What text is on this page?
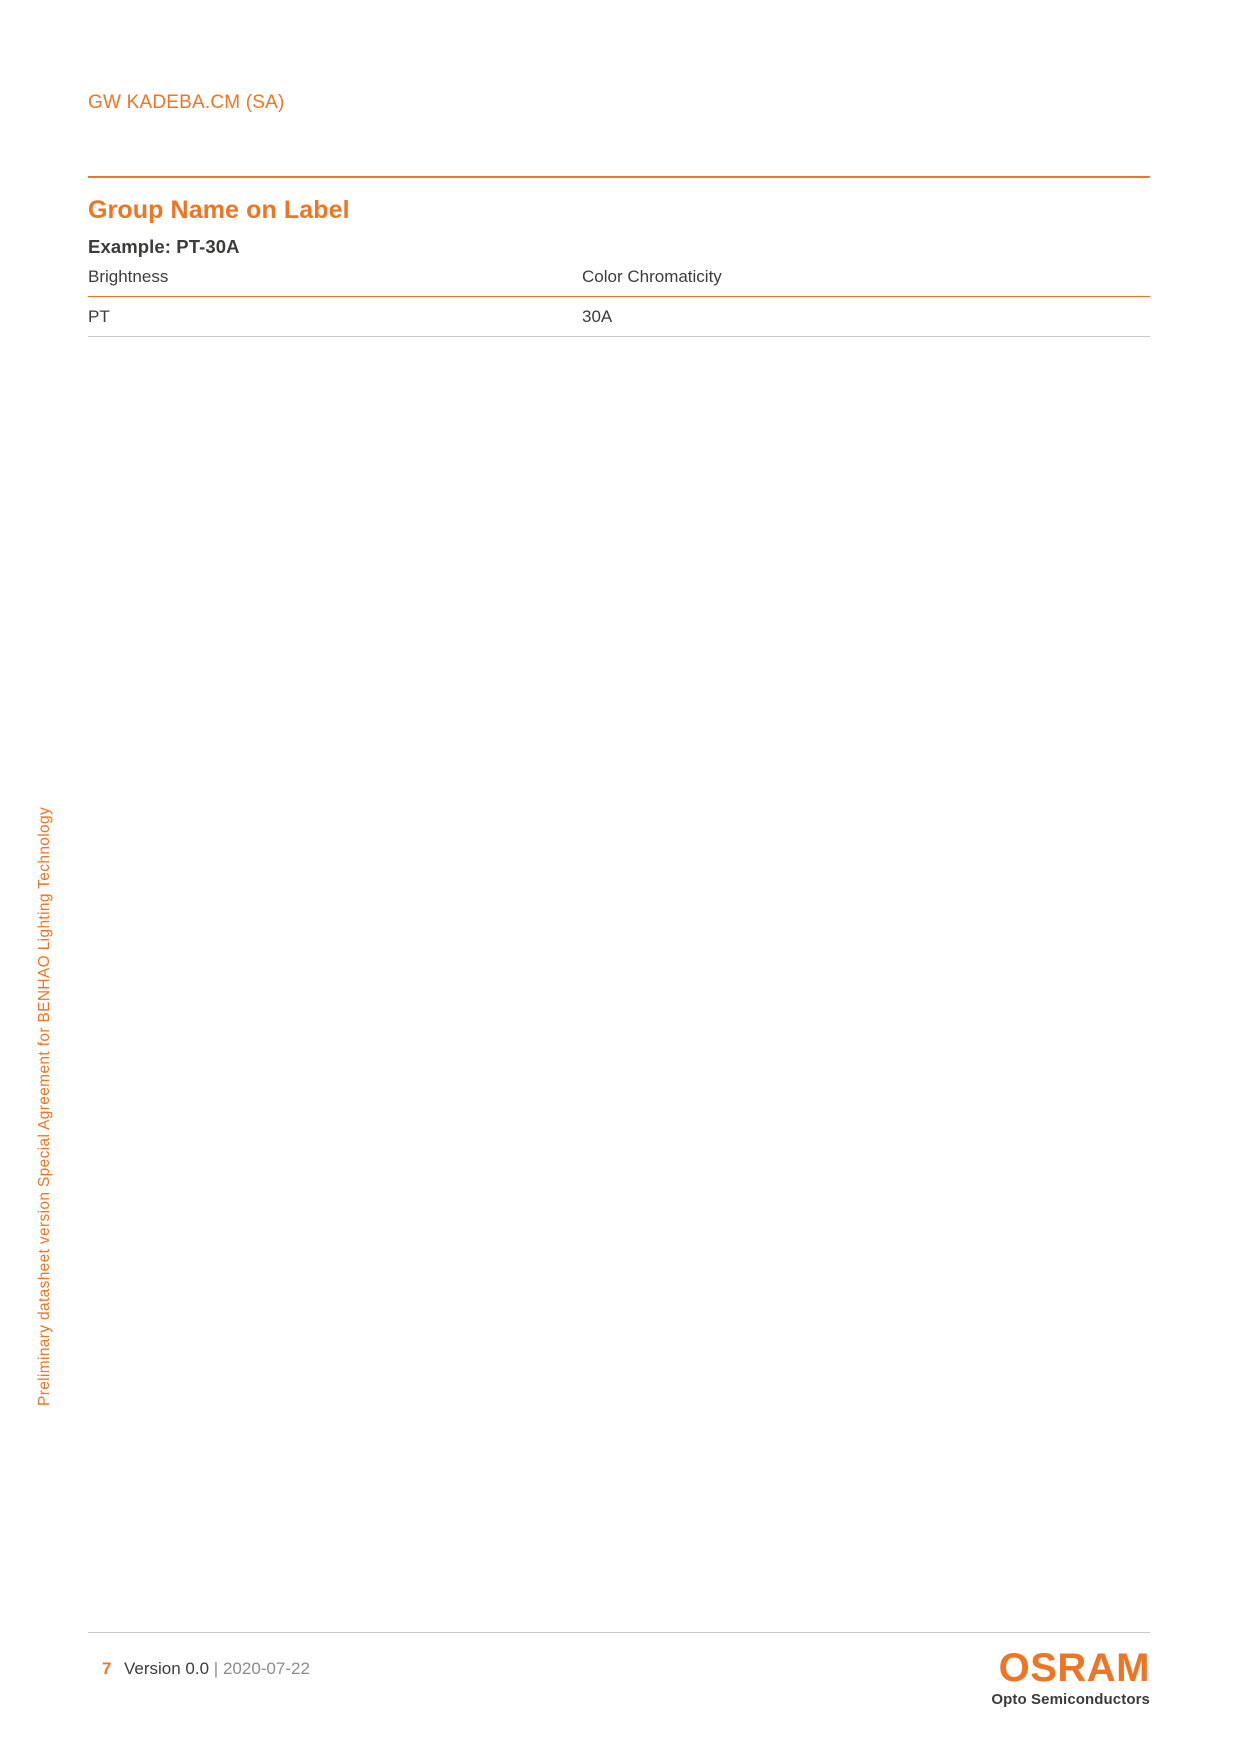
Preliminary datasheet version Special Agreement for BENHAO Lighting Technology
GW KADEBA.CM (SA)
Group Name on Label
Example: PT-30A
Brightness	Color Chromaticity
PT	30A
7 Version 0.0 | 2020-07-22	OSRAM
Opto Semiconductors
